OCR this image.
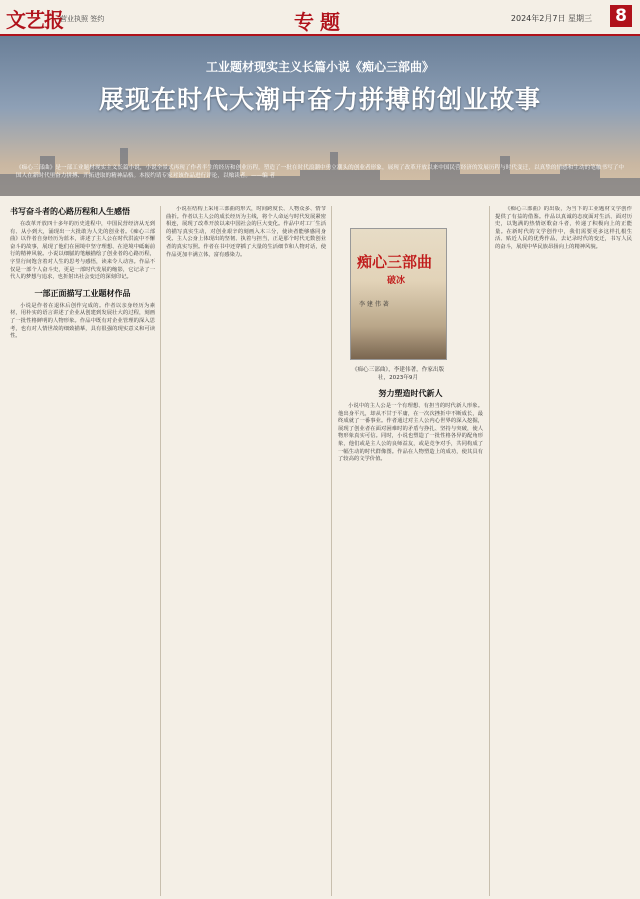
文艺报
营业执照 签约	专题	2024年2月7日 星期三 8
工业题材现实主义长篇小说《痴心三部曲》
展现在时代大潮中奋力拼搏的创业故事
《痴心三部曲》是一部工业题材现实主义长篇小说，小说全景式再现了作者半生的经历和创业历程，塑造了一批在时代浪潮中勇立潮头的创业者形象，展现了改革开放以来中国民营经济的发展历程与时代变迁，以真挚的情感和生动的笔触书写了中国人在新时代里奋力拼搏、开拓进取的精神品格。本报约请专家对该作品进行评论，以飨读者。——编 者
书写奋斗者的心路历程和人生感悟

在改革开放四十多年的历史进程中，中国民营经济从无到有、从小到大，涌现出一大批敢为人先的创业者。《痴心三部曲》以作者自身经历为蓝本，讲述了主人公在时代洪流中不懈奋斗的故事，展现了他们在困境中坚守理想、在逆境中砥砺前行的精神风貌。小说以细腻的笔触描绘了创业者的心路历程，字里行间饱含着对人生的思考与感悟，读来令人动容。作品不仅是一部个人奋斗史，更是一部时代发展的缩影，它记录了一代人的梦想与追求，也折射出社会变迁的深刻印记。

一部正面描写工业题材作品

小说是作者在退休后创作完成的。作者以亲身经历为素材，用朴实的语言讲述了企业从创建到发展壮大的过程，刻画了一批性格鲜明的人物形象。作品中既有对企业管理的深入思考，也有对人情世故的细致描摹，具有很强的现实意义和可读性。

小说在结构上采用三部曲的形式，时间跨度长、人物众多、情节曲折。作者以主人公的成长经历为主线，将个人命运与时代发展紧密相连，展现了改革开放以来中国社会的巨大变化。作品中对工厂生活的描写真实生动，对创业艰辛的刻画入木三分，使读者能够感同身受。主人公身上体现出的坚韧、执着与担当，正是那个时代无数创业者的真实写照。作者在书中还穿插了大量的生活细节和人物对话，使作品更加丰满立体，富有感染力。	痴心三部曲
破冰
李 建 伟 著
《痴心三部曲》，李建伟著，作家出版社，2023年9月
努力塑造时代新人

小说中的主人公是一个有理想、有担当的时代新人形象。他出身平凡，却从不甘于平庸，在一次次挫折中不断成长，最终成就了一番事业。作者通过对主人公内心世界的深入挖掘，展现了创业者在面对困难时的矛盾与挣扎、坚持与突破，使人物形象真实可信。同时，小说也塑造了一批性格各异的配角形象，他们或是主人公的良师益友，或是竞争对手，共同构成了一幅生动的时代群像图。作品在人物塑造上的成功，使其具有了较高的文学价值。

《痴心三部曲》的出版，为当下的工业题材文学创作提供了有益的借鉴。作品以真诚的态度面对生活、面对历史，以饱满的热情讴歌奋斗者，传递了积极向上的正能量。在新时代的文学创作中，我们需要更多这样扎根生活、贴近人民的优秀作品，去记录时代的变迁，书写人民的奋斗，展现中华民族昂扬向上的精神风貌。
